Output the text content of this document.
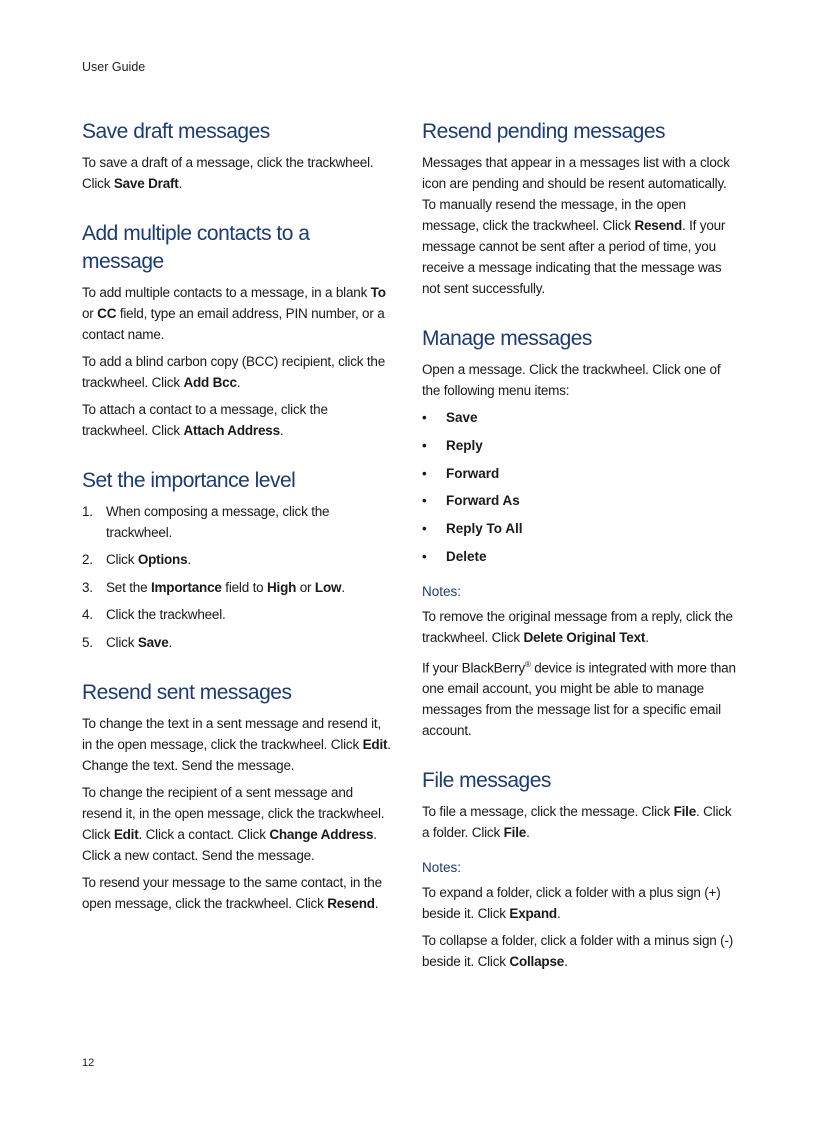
User Guide
Save draft messages

To save a draft of a message, click the trackwheel. Click Save Draft.

Add multiple contacts to a message

To add multiple contacts to a message, in a blank To or CC field, type an email address, PIN number, or a contact name.

To add a blind carbon copy (BCC) recipient, click the trackwheel. Click Add Bcc.

To attach a contact to a message, click the trackwheel. Click Attach Address.

Set the importance level
1. When composing a message, click the trackwheel.
2. Click Options.
3. Set the Importance field to High or Low.
4. Click the trackwheel.
5. Click Save.
Resend sent messages

To change the text in a sent message and resend it, in the open message, click the trackwheel. Click Edit. Change the text. Send the message.

To change the recipient of a sent message and resend it, in the open message, click the trackwheel. Click Edit. Click a contact. Click Change Address. Click a new contact. Send the message.

To resend your message to the same contact, in the open message, click the trackwheel. Click Resend.

Resend pending messages

Messages that appear in a messages list with a clock icon are pending and should be resent automatically. To manually resend the message, in the open message, click the trackwheel. Click Resend. If your message cannot be sent after a period of time, you receive a message indicating that the message was not sent successfully.

Manage messages

Open a message. Click the trackwheel. Click one of the following menu items:

•	Save
•	Reply
•	Forward
•	Forward As
•	Reply To All
•	Delete
Notes:

To remove the original message from a reply, click the trackwheel. Click Delete Original Text.

If your BlackBerry® device is integrated with more than one email account, you might be able to manage messages from the message list for a specific email account.

File messages

To file a message, click the message. Click File. Click a folder. Click File.

Notes:

To expand a folder, click a folder with a plus sign (+) beside it. Click Expand.

To collapse a folder, click a folder with a minus sign (-) beside it. Click Collapse.

12
